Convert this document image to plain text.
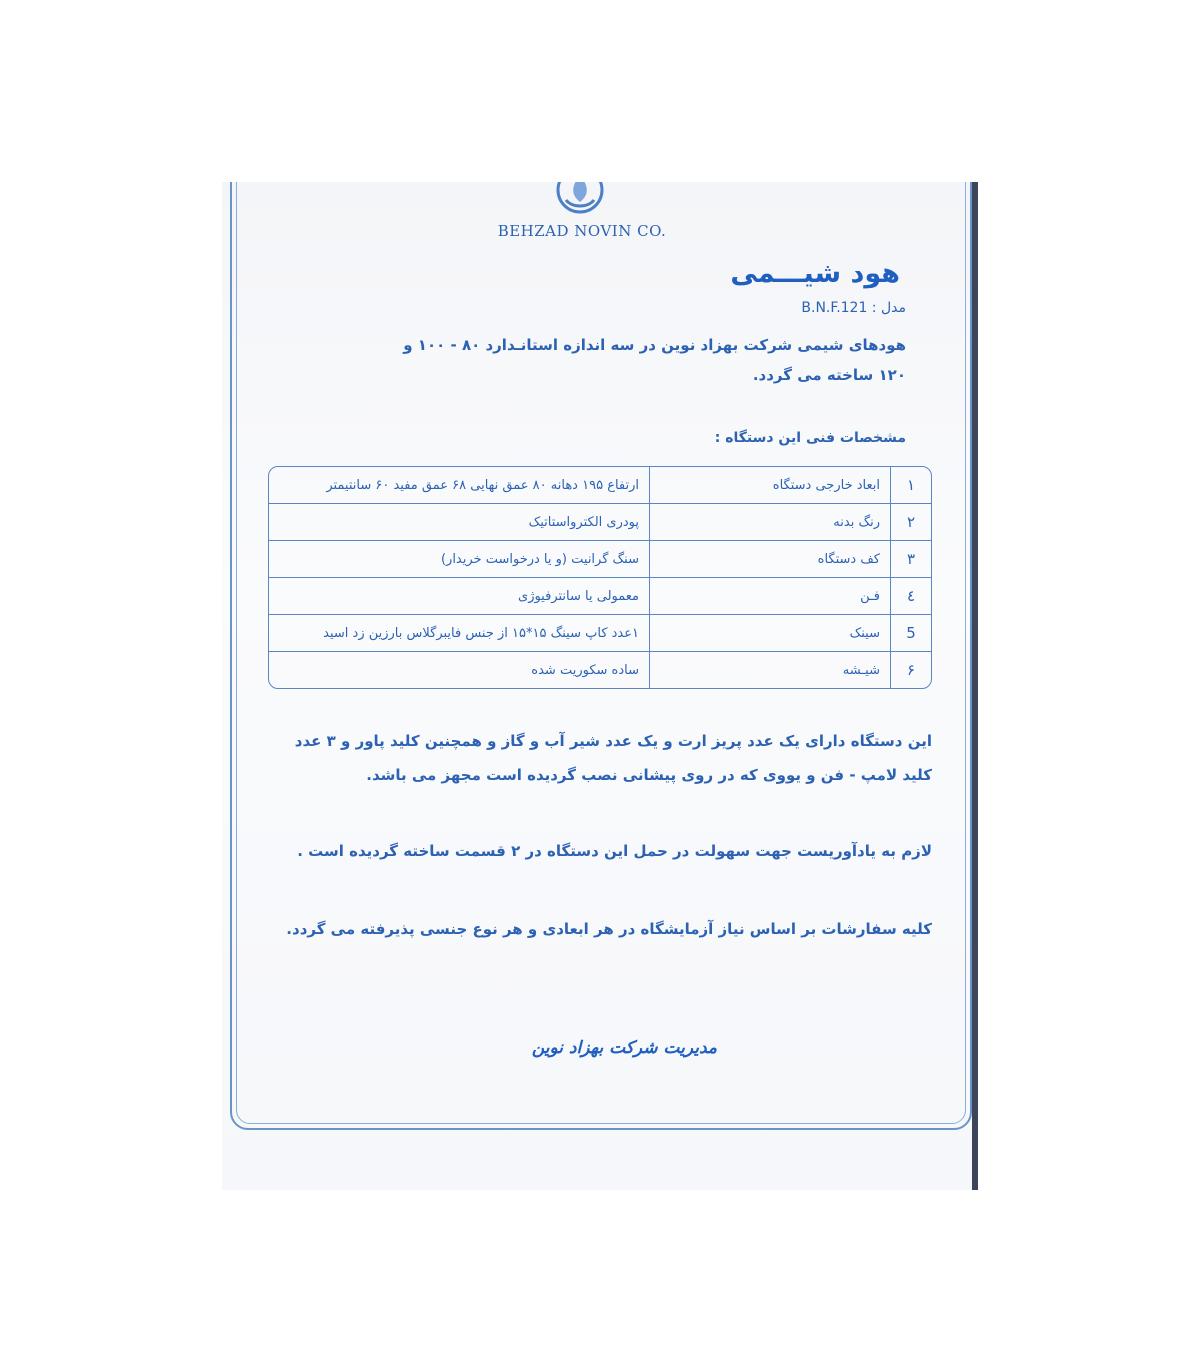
BEHZAD NOVIN CO.
هود شیـــمی
مدل : B.N.F.121
هودهای شیمی شرکت بهزاد نوین در سه اندازه استانـدارد ۸۰ - ۱۰۰ و ۱۲۰ ساخته می گردد.
مشخصات فنی این دستگاه :
۱	ابعاد خارجی دستگاه	ارتفاع ۱۹۵ دهانه ۸۰ عمق نهایی ۶۸ عمق مفید ۶۰ سانتیمتر
۲	رنگ بدنه	پودری الکترواستاتیک
۳	کف دستگاه	سنگ گرانیت (و یا درخواست خریدار)
٤	فـن	معمولی یا سانترفیوژی
5	سینک	۱عدد کاپ سینگ ۱۵*۱۵ از جنس فایبرگلاس بارزین زد اسید
۶	شیـشه	ساده سکوریت شده
این دستگاه دارای یک عدد پریز ارت و یک عدد شیر آب و گاز و همچنین کلید پاور و ۳ عدد کلید لامپ - فن و یووی که در روی پیشانی نصب گردیده است مجهز می باشد.
لازم به یادآوریست جهت سهولت در حمل این دستگاه در ۲ قسمت ساخته گردیده است .
کلیه سفارشات بر اساس نیاز آزمایشگاه در هر ابعادی و هر نوع جنسی پذیرفته می گردد.
مدیریت شرکت بهزاد نوین
